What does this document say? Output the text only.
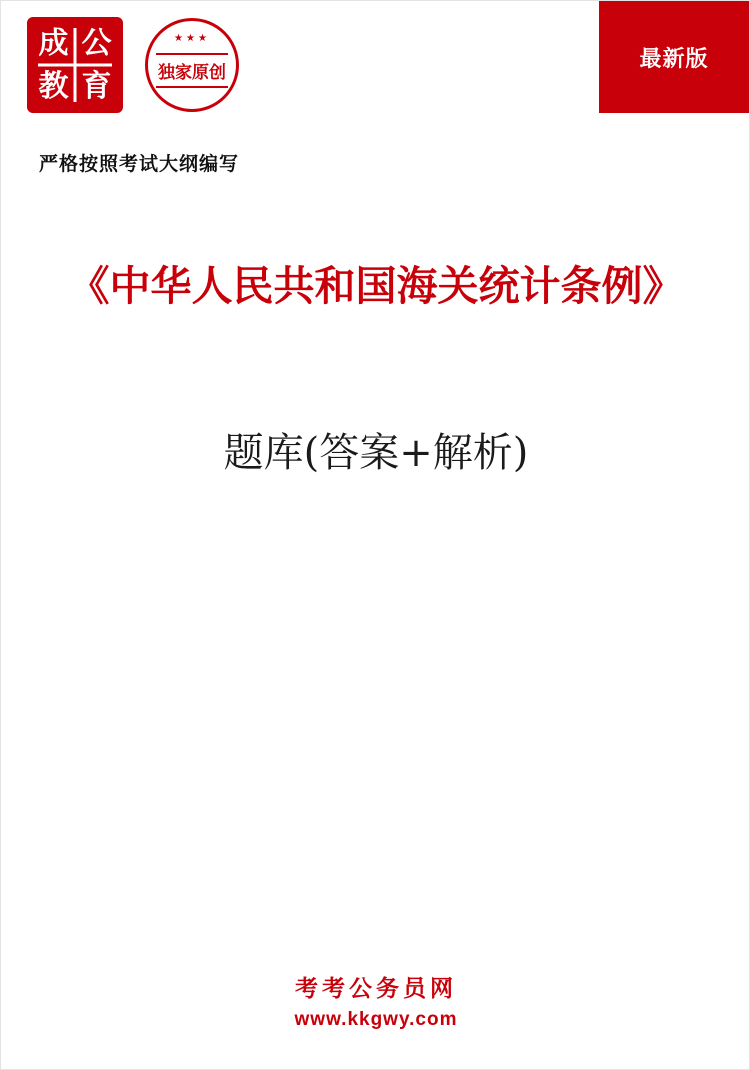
最新版
成 公
教 育
★★★
独家原创
严格按照考试大纲编写
《中华人民共和国海关统计条例》
题库(答案+解析)
考考公务员网
www.kkgwy.com
